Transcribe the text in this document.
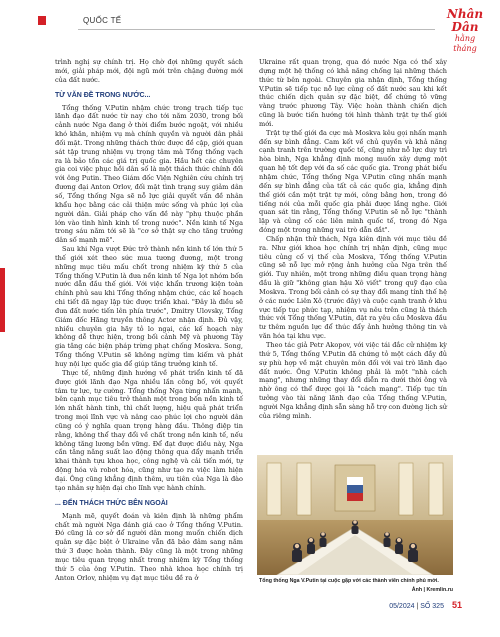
QUỐC TẾ	Nhân Dân
hằng tháng

trình nghị sự chính trị. Họ chờ đợi những quyết sách mới, giải pháp mới, đội ngũ mới trên chặng đường mới của đất nước.

TỪ VĂN ĐỀ TRONG NƯỚC...

Tổng thống V.Putin nhậm chức trong trạch tiếp tục lãnh đạo đất nước từ nay cho tới năm 2030, trong bối cảnh nước Nga đang ở thời điểm bước ngoặt, với nhiều khó khăn, nhiệm vụ mà chính quyền và người dân phải đối mặt. Trong những thách thức được đề cập, giới quan sát tập trung nhiệm vụ trọng tâm mà Tổng thống vạch ra là bảo tồn các giá trị quốc gia. Hầu hết các chuyên gia coi việc phục hồi dân số là một thách thức chính đối với ông Putin. Theo Giám đốc Viện Nghiên cứu chính trị đương đại Anton Orlov, đối mặt tình trạng suy giảm dân số, Tổng thống Nga sẽ nỗ lực giải quyết vấn đề nhân khẩu học bằng các cải thiện mức sống và phúc lợi của người dân. Giải pháp cho vấn đề này "phụ thuộc phần lớn vào tình hình kinh tế trong nước". Nền kinh tế Nga trong sáu năm tới sẽ là "cơ sở thật sự cho tăng trưởng dân số mạnh mẽ".

Sau khi Nga vượt Đức trở thành nền kinh tế lớn thứ 5 thế giới xét theo sức mua tương đương, một trong những mục tiêu mấu chốt trong nhiệm kỳ thứ 5 của Tổng thống V.Putin là đưa nền kinh tế Nga lọt nhóm bốn nước dẫn đầu thế giới. Với việc khẩn trương kiện toàn chính phủ sau khi Tổng thống nhậm chức, các kế hoạch chi tiết đã ngay lập tức được triển khai. "Đây là điều sẽ đưa đất nước tiến lên phía trước", Dmitry Ulovsky, Tổng Giám đốc Hãng truyền thông Actor nhận định. Đủ vậy, nhiều chuyên gia hãy tỏ lo ngại, các kế hoạch này không dễ thực hiện, trong bối cảnh Mỹ và phương Tây gia tăng các biện pháp trừng phạt chống Moskva. Song, Tổng thống V.Putin sẽ không ngừng tìm kiếm và phát huy nội lực quốc gia để giúp tăng trưởng kinh tế.

Thực tế, những định hướng về phát triển kinh tế đã được giới lãnh đạo Nga nhiều lần công bố, với quyết tâm tự lực, tự cường. Tổng thống Nga từng nhấn mạnh, bên cạnh mục tiêu trở thành một trong bốn nền kinh tế lớn nhất hành tinh, thì chất lượng, hiệu quả phát triển trong mọi lĩnh vực và nâng cao phúc lợi cho người dân cũng có ý nghĩa quan trọng hàng đầu. Thông điệp tin rằng, không thể thay đổi về chất trong nền kinh tế, nếu không tăng lương bền vững. Để đạt được điều này, Nga cần tăng năng suất lao động thông qua đẩy mạnh triển khai thành tựu khoa học, công nghệ và cải tiến mới, tự động hóa và robot hóa, cũng như tạo ra việc làm hiện đại. Ông cũng khẳng định thêm, ưu tiên của Nga là đào tạo nhân sự hiện đại cho lĩnh vực hành chính.

... ĐẾN THÁCH THỨC BÊN NGOÀI

Mạnh mẽ, quyết đoán và kiên định là những phẩm chất mà người Nga đánh giá cao ở Tổng thống V.Putin. Đó cũng là cơ sở để người dân mong muốn chiến dịch quân sự đặc biệt ở Ukraine vẫn đã bảo đảm sang năm thứ 3 được hoàn thành. Đây cũng là một trong những mục tiêu quan trọng nhất trong nhiệm kỳ Tổng thống thứ 5 của ông V.Putin. Theo nhà khoa học chính trị Anton Orlov, nhiệm vụ đạt mục tiêu đề ra ở

Ukraine rất quan trọng, qua đó nước Nga có thể xây dựng một hệ thống có khả năng chống lại những thách thức từ bên ngoài. Chuyên gia nhận định, Tổng thống V.Putin sẽ tiếp tục nỗ lực củng cố đất nước sau khi kết thúc chiến dịch quân sự đặc biệt, để chứng tỏ vững vàng trước phương Tây. Việc hoàn thành chiến dịch cũng là bước tiến hướng tới hình thành trật tự thế giới mới.

Trật tự thế giới đa cực mà Moskva kêu gọi nhấn mạnh đến sự bình đẳng. Cam kết về chủ quyền và khả năng cạnh tranh trên trường quốc tế, cũng như nỗ lực duy trì hòa bình, Nga khẳng định mong muốn xây dựng một quan hệ tốt đẹp với đa số các quốc gia. Trong phát biểu nhậm chức, Tổng thống Nga V.Putin cũng nhấn mạnh đến sự bình đẳng của tất cả các quốc gia, khẳng định thế giới cần một trật tự mới, công bằng hơn, trong đó tiếng nói của mỗi quốc gia phải được lắng nghe. Giới quan sát tin rằng, Tổng thống V.Putin sẽ nỗ lực "thành lập và củng cố các liên minh quốc tế, trong đó Nga đóng một trong những vai trò dẫn dắt".

Chấp nhận thử thách, Nga kiên định với mục tiêu đề ra. Như giới khoa học chính trị nhận định, cũng mục tiêu củng cố vị thế của Moskva, Tổng thống V.Putin cũng sẽ nỗ lực mở rộng ảnh hưởng của Nga trên thế giới. Tuy nhiên, một trong những điều quan trọng hàng đầu là giữ "không gian hậu Xô viết" trong quỹ đạo của Moskva. Trong bối cảnh có sự thay đổi mang tính thế hệ ở các nước Liên Xô (trước đây) và cuộc cạnh tranh ở khu vực tiếp tục phức tạp, nhiệm vụ nêu trên cũng là thách thức với Tổng thống V.Putin, đặt ra yêu cầu Moskva đầu tư thêm nguồn lực để thúc đẩy ảnh hưởng thông tin và văn hóa tại khu vực.

Theo tác giả Petr Akopov, với việc tái đắc cử nhiệm kỳ thứ 5, Tổng thống V.Putin đã chứng tỏ một cách đầy đủ sự phù hợp về mặt chuyên môn đối với vai trò lãnh đạo đất nước. Ông V.Putin không phải là một "nhà cách mạng", nhưng những thay đổi diễn ra dưới thời ông và nhờ ông có thể được gọi là "cách mạng". Tiếp tục tín tưởng vào tài năng lãnh đạo của Tổng thống V.Putin, người Nga khẳng định sẵn sàng hỗ trợ con đường lịch sử của riêng mình.

Tổng thống Nga V.Putin tại cuộc gặp với các thành viên chính phủ mới.
Ảnh | Kremlin.ru
05/2024 | SỐ 325 51
